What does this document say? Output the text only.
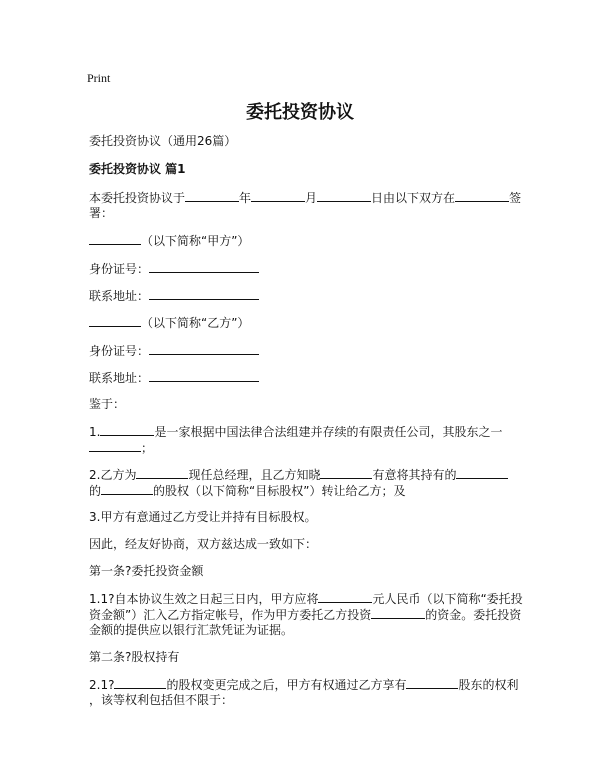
Print
委托投资协议
委托投资协议（通用26篇）
委托投资协议 篇1
本委托投资协议于	年	月	日由以下双方在	签
署：
（以下简称“甲方”）
身份证号：
联系地址：
（以下简称“乙方”）
身份证号：
联系地址：
鉴于：
1.	是一家根据中国法律合法组建并存续的有限责任公司，其股东之一
；
2.乙方为	现任总经理，且乙方知晓	有意将其持有的
的	的股权（以下简称“目标股权”）转让给乙方；及
3.甲方有意通过乙方受让并持有目标股权。
因此，经友好协商，双方兹达成一致如下：
第一条?委托投资金额
1.1?自本协议生效之日起三日内，甲方应将	元人民币（以下简称“委托投
资金额”）汇入乙方指定帐号，作为甲方委托乙方投资	的资金。委托投资
金额的提供应以银行汇款凭证为证据。
第二条?股权持有
2.1?	的股权变更完成之后，甲方有权通过乙方享有	股东的权利
，该等权利包括但不限于：
